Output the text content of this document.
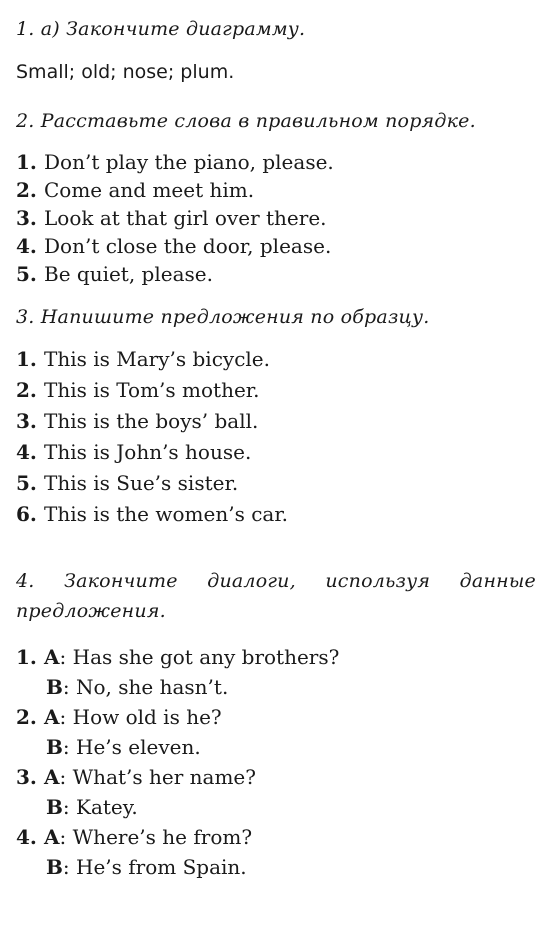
1. а) Закончите диаграмму.

Small; old; nose; plum.

2. Расставьте слова в правильном порядке.

1. Don’t play the piano, please.
2. Come and meet him.
3. Look at that girl over there.
4. Don’t close the door, please.
5. Be quiet, please.

3. Напишите предложения по образцу.

1. This is Mary’s bicycle.
2. This is Tom’s mother.
3. This is the boys’ ball.
4. This is John’s house.
5. This is Sue’s sister.
6. This is the women’s car.

4. Закончите диалоги, используя данные предложения.

1. A: Has she got any brothers?
B: No, she hasn’t.
2. A: How old is he?
B: He’s eleven.
3. A: What’s her name?
B: Katey.
4. A: Where’s he from?
B: He’s from Spain.
